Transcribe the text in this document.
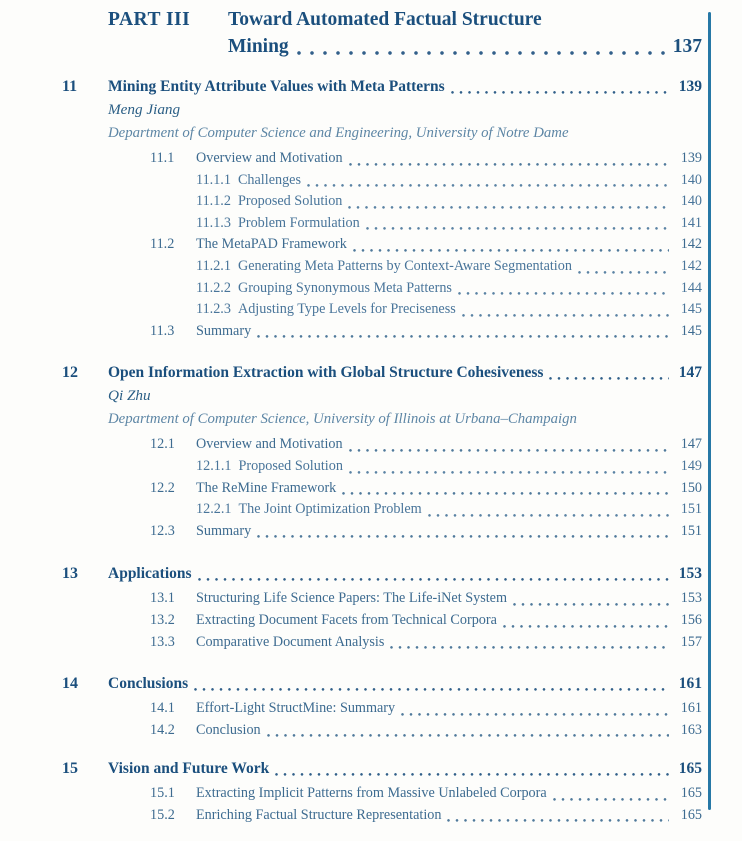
PART III	Toward Automated Factual Structure
Mining	137
11	Mining Entity Attribute Values with Meta Patterns	139
Meng Jiang
Department of Computer Science and Engineering, University of Notre Dame
11.1	Overview and Motivation	139
11.1.1 Challenges	140
11.1.2 Proposed Solution	140
11.1.3 Problem Formulation	141
11.2	The MetaPAD Framework	142
11.2.1 Generating Meta Patterns by Context-Aware Segmentation	142
11.2.2 Grouping Synonymous Meta Patterns	144
11.2.3 Adjusting Type Levels for Preciseness	145
11.3	Summary	145
12	Open Information Extraction with Global Structure Cohesiveness	147
Qi Zhu
Department of Computer Science, University of Illinois at Urbana–Champaign
12.1	Overview and Motivation	147
12.1.1 Proposed Solution	149
12.2	The ReMine Framework	150
12.2.1 The Joint Optimization Problem	151
12.3	Summary	151
13	Applications	153
13.1	Structuring Life Science Papers: The Life-iNet System	153
13.2	Extracting Document Facets from Technical Corpora	156
13.3	Comparative Document Analysis	157
14	Conclusions	161
14.1	Effort-Light StructMine: Summary	161
14.2	Conclusion	163
15	Vision and Future Work	165
15.1	Extracting Implicit Patterns from Massive Unlabeled Corpora	165
15.2	Enriching Factual Structure Representation	165
